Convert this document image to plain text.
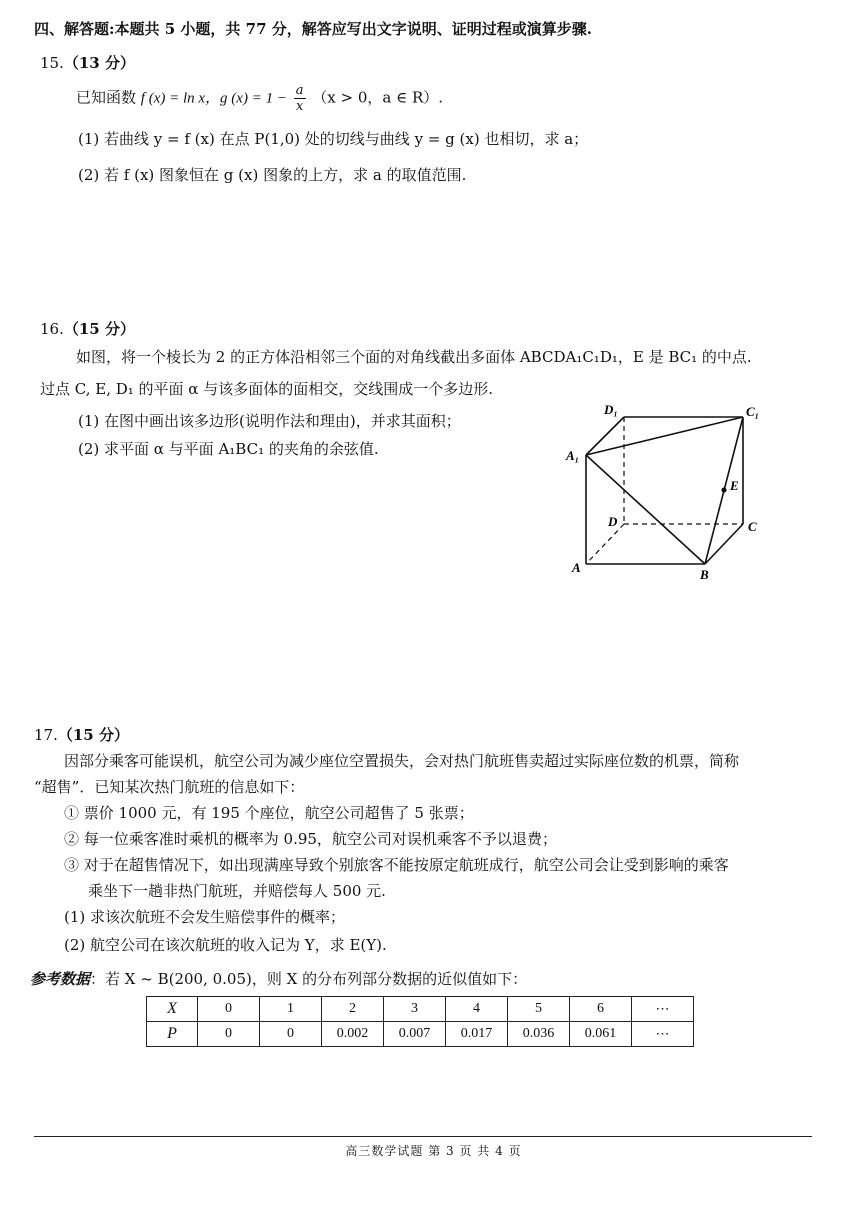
四、解答题:本题共 5 小题，共 77 分，解答应写出文字说明、证明过程或演算步骤.
15.（13 分）
已知函数 f (x) = ln x，g $(x) = 1 - \frac{a}{x} (x > 0$，a ∈ R）.
(1) 若曲线 y = f (x) 在点 P(1,0) 处的切线与曲线 y = g (x) 也相切，求 a；
(2) 若 f (x) 图象恒在 g (x) 图象的上方，求 a 的取值范围.
16.（15 分）
如图，将一个棱长为 2 的正方体沿相邻三个面的对角线截出多面体 ABCDA₁C₁D₁，E 是 BC₁ 的中点.
过点 C, E, D₁ 的平面 α 与该多面体的面相交，交线围成一个多边形.
(1) 在图中画出该多边形(说明作法和理由)，并求其面积；
(2) 求平面 α 与平面 A₁BC₁ 的夹角的余弦值.
D₁	C₁
A₁
E
D	C
A	B
17.（15 分）
因部分乘客可能误机，航空公司为减少座位空置损失，会对热门航班售卖超过实际座位数的机票，简称
“超售”．已知某次热门航班的信息如下：
① 票价 1000 元，有 195 个座位，航空公司超售了 5 张票；
② 每一位乘客准时乘机的概率为 0.95，航空公司对误机乘客不予以退费；
③ 对于在超售情况下，如出现满座导致个别旅客不能按原定航班成行，航空公司会让受到影响的乘客
乘坐下一趟非热门航班，并赔偿每人 500 元.
(1) 求该次航班不会发生赔偿事件的概率；
(2) 航空公司在该次航班的收入记为 Y，求 E(Y).
参考数据：若 X ~ B(200, 0.05)，则 X 的分布列部分数据的近似值如下：
X	0	1	2	3	4	5	6	⋯
P	0	0	0.002	0.007	0.017	0.036	0.061	⋯
高三数学试题 第 3 页 共 4 页
